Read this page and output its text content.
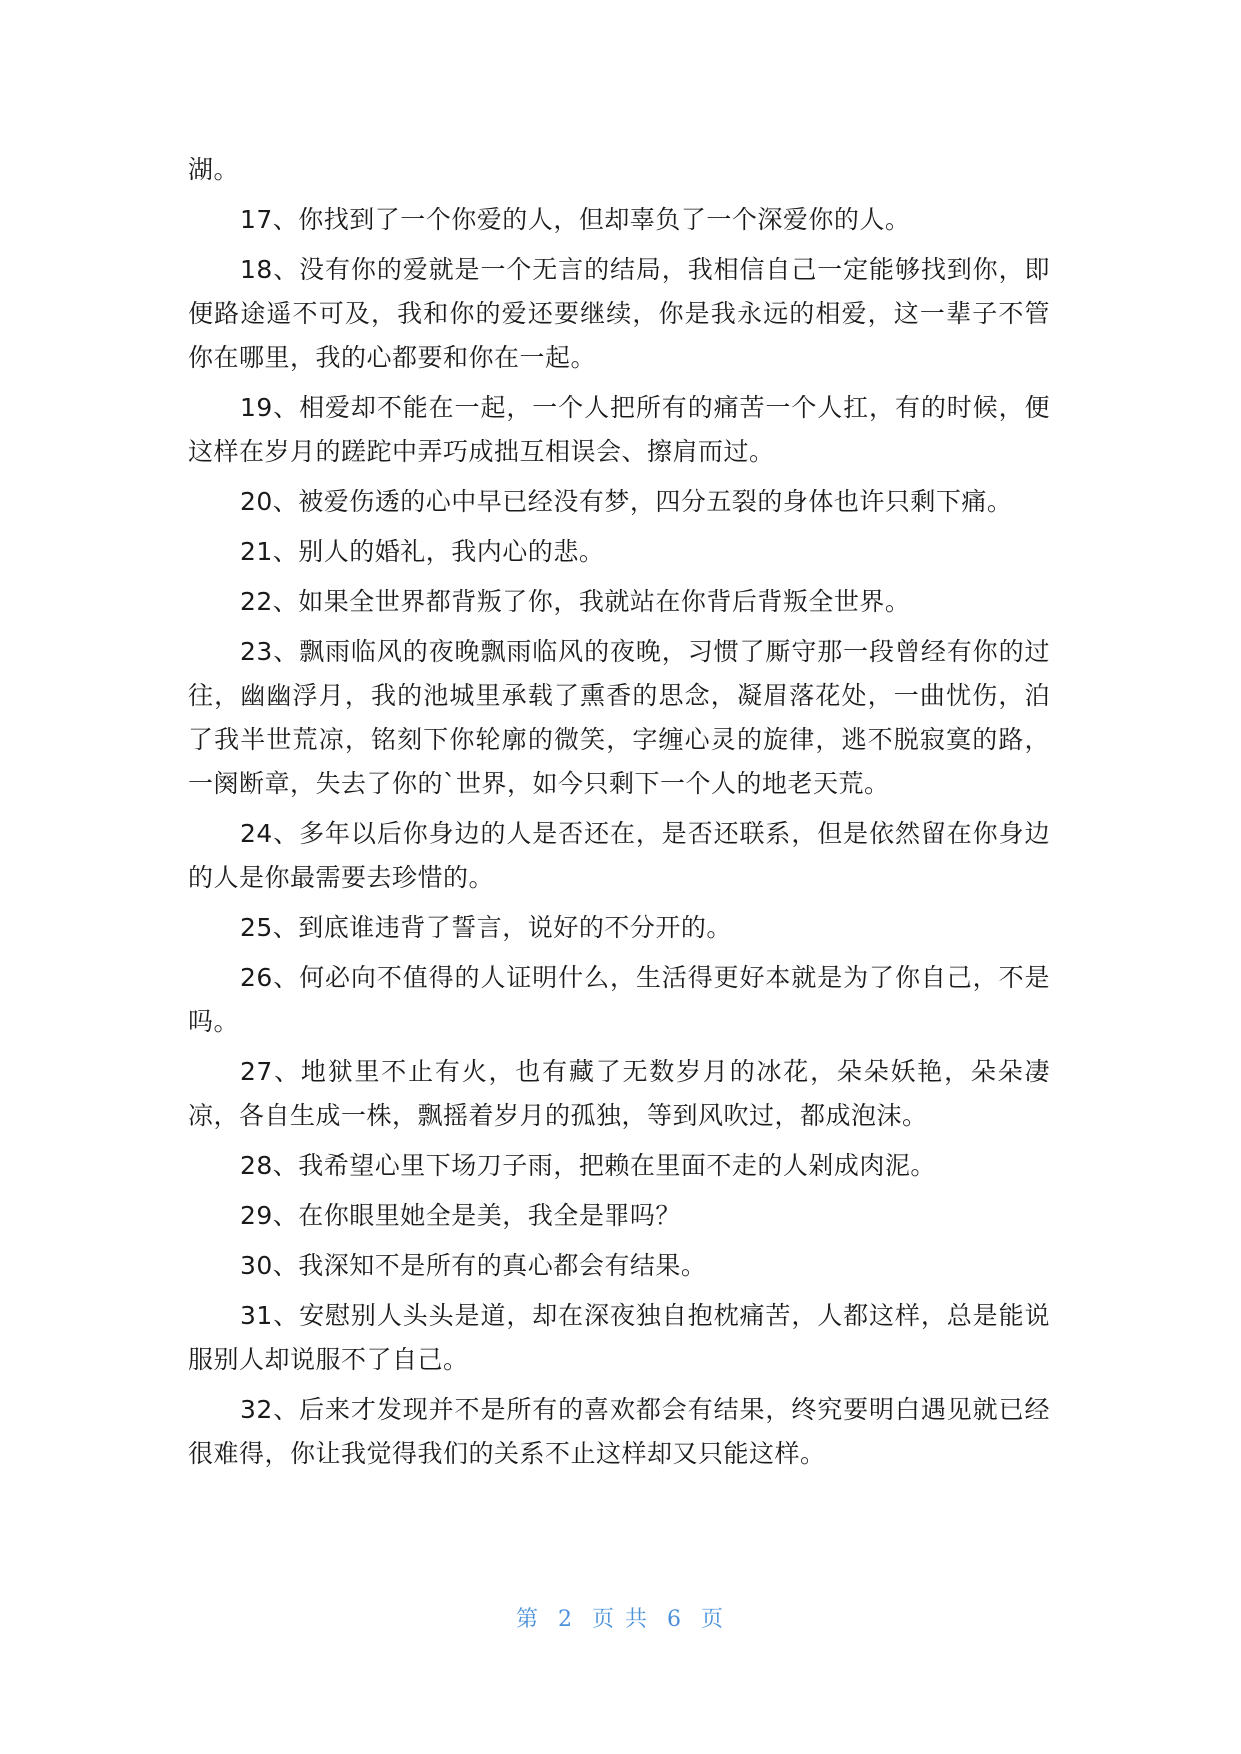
湖。

17、你找到了一个你爱的人，但却辜负了一个深爱你的人。

18、没有你的爱就是一个无言的结局，我相信自己一定能够找到你，即便路途遥不可及，我和你的爱还要继续，你是我永远的相爱，这一辈子不管你在哪里，我的心都要和你在一起。

19、相爱却不能在一起，一个人把所有的痛苦一个人扛，有的时候，便这样在岁月的蹉跎中弄巧成拙互相误会、擦肩而过。

20、被爱伤透的心中早已经没有梦，四分五裂的身体也许只剩下痛。

21、别人的婚礼，我内心的悲。

22、如果全世界都背叛了你，我就站在你背后背叛全世界。

23、飘雨临风的夜晚飘雨临风的夜晚，习惯了厮守那一段曾经有你的过往，幽幽浮月，我的池城里承载了熏香的思念，凝眉落花处，一曲忧伤，泊了我半世荒凉，铭刻下你轮廓的微笑，字缠心灵的旋律，逃不脱寂寞的路，一阕断章，失去了你的`世界，如今只剩下一个人的地老天荒。

24、多年以后你身边的人是否还在，是否还联系，但是依然留在你身边的人是你最需要去珍惜的。

25、到底谁违背了誓言，说好的不分开的。

26、何必向不值得的人证明什么，生活得更好本就是为了你自己，不是吗。

27、地狱里不止有火，也有藏了无数岁月的冰花，朵朵妖艳，朵朵凄凉，各自生成一株，飘摇着岁月的孤独，等到风吹过，都成泡沫。

28、我希望心里下场刀子雨，把赖在里面不走的人剁成肉泥。

29、在你眼里她全是美，我全是罪吗？

30、我深知不是所有的真心都会有结果。

31、安慰别人头头是道，却在深夜独自抱枕痛苦，人都这样，总是能说服别人却说服不了自己。

32、后来才发现并不是所有的喜欢都会有结果，终究要明白遇见就已经很难得，你让我觉得我们的关系不止这样却又只能这样。

第  2  页 共  6  页
